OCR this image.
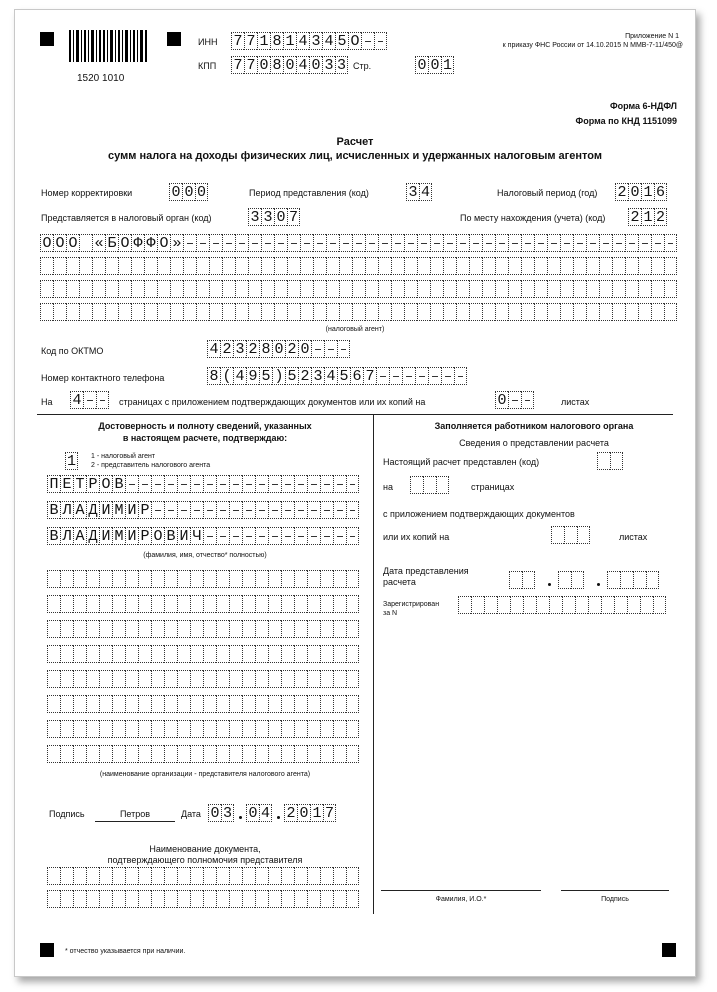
1520 1010
ИНН 7 7 1 8 1 4 3 4 5 O
КПП 7 7 0 8 0 4 0 3 3 Стр.	0 0 1
Приложение N 1
к приказу ФНС России от 14.10.2015 N ММВ-7-11/450@
Форма 6-НДФЛ
Форма по КНД 1151099
Расчет
сумм налога на доходы физических лиц, исчисленных и удержанных налоговым агентом
Номер корректировки	0 0 0	Период представления (код)	3 4	Налоговый период (год) 2 0 1 6
Представляется в налоговый орган (код)	3 3 0 7	По месту нахождения (учета) (код) 2 1 2
О О О « Б О Ф Ф О »
(налоговый агент)
Код по ОКТМО	4 2 3 2 8 0 2 0
Номер контактного телефона	8 ( 4 9 5 ) 5 2 3 4 5 6 7
На 4	страницах с приложением подтверждающих документов или их копий на	0	листах
Достоверность и полноту сведений, указанных
в настоящем расчете, подтверждаю:
1 1 - налоговый агент
2 - представитель налогового агента
П Е Т Р О В
В Л А Д И М И Р
В Л А Д И М И Р О В И Ч
(фамилия, имя, отчество* полностью)
(наименование организации - представителя налогового агента)
Подпись	Петров	Дата 0 3 0 4 2 0 1 7
Наименование документа,
подтверждающего полномочия представителя
Заполняется работником налогового органа
Сведения о представлении расчета
Настоящий расчет представлен (код)
на	страницах
с приложением подтверждающих документов
или их копий на	листах
Дата представления
расчета
Зарегистрирован
за N
Фамилия, И.О.*	Подпись
* отчество указывается при наличии.
